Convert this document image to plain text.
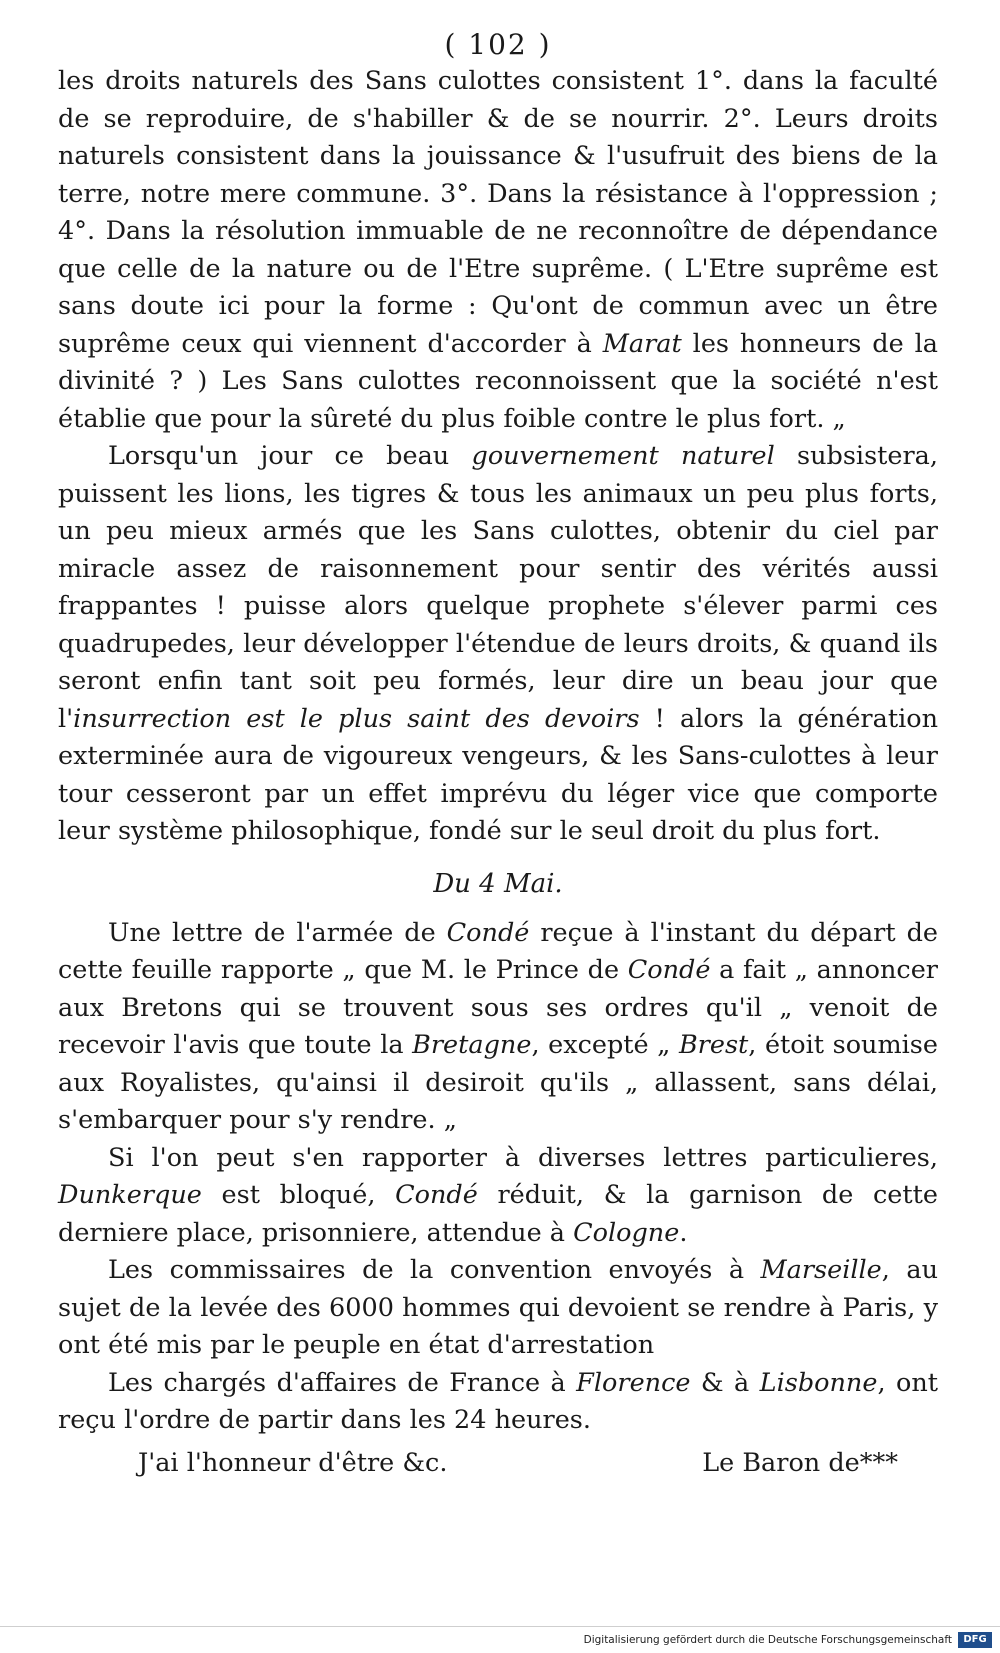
( 102 )

les droits naturels des Sans culottes consistent 1°. dans la faculté de se reproduire, de s'habiller & de se nourrir. 2°. Leurs droits naturels consistent dans la jouissance & l'usufruit des biens de la terre, notre mere commune. 3°. Dans la résistance à l'oppression ; 4°. Dans la résolution immuable de ne reconnoître de dépendance que celle de la nature ou de l'Etre suprême. ( L'Etre suprême est sans doute ici pour la forme : Qu'ont de commun avec un être suprême ceux qui viennent d'accorder à Marat les honneurs de la divinité ? ) Les Sans culottes reconnoissent que la société n'est établie que pour la sûreté du plus foible contre le plus fort. „

Lorsqu'un jour ce beau gouvernement naturel subsistera, puissent les lions, les tigres & tous les animaux un peu plus forts, un peu mieux armés que les Sans culottes, obtenir du ciel par miracle assez de raisonnement pour sentir des vérités aussi frappantes ! puisse alors quelque prophete s'élever parmi ces quadrupedes, leur développer l'étendue de leurs droits, & quand ils seront enfin tant soit peu formés, leur dire un beau jour que l'insurrection est le plus saint des devoirs ! alors la génération exterminée aura de vigoureux vengeurs, & les Sans-culottes à leur tour cesseront par un effet imprévu du léger vice que comporte leur système philosophique, fondé sur le seul droit du plus fort.

Du 4 Mai.

Une lettre de l'armée de Condé reçue à l'instant du départ de cette feuille rapporte „ que M. le Prince de Condé a fait „ annoncer aux Bretons qui se trouvent sous ses ordres qu'il „ venoit de recevoir l'avis que toute la Bretagne, excepté „ Brest, étoit soumise aux Royalistes, qu'ainsi il desiroit qu'ils „ allassent, sans délai, s'embarquer pour s'y rendre. „

Si l'on peut s'en rapporter à diverses lettres particulieres, Dunkerque est bloqué, Condé réduit, & la garnison de cette derniere place, prisonniere, attendue à Cologne.

Les commissaires de la convention envoyés à Marseille, au sujet de la levée des 6000 hommes qui devoient se rendre à Paris, y ont été mis par le peuple en état d'arrestation

Les chargés d'affaires de France à Florence & à Lisbonne, ont reçu l'ordre de partir dans les 24 heures.

J'ai l'honneur d'être &c.	Le Baron de***
Digitalisierung gefördert durch die Deutsche Forschungsgemeinschaft	DFG
